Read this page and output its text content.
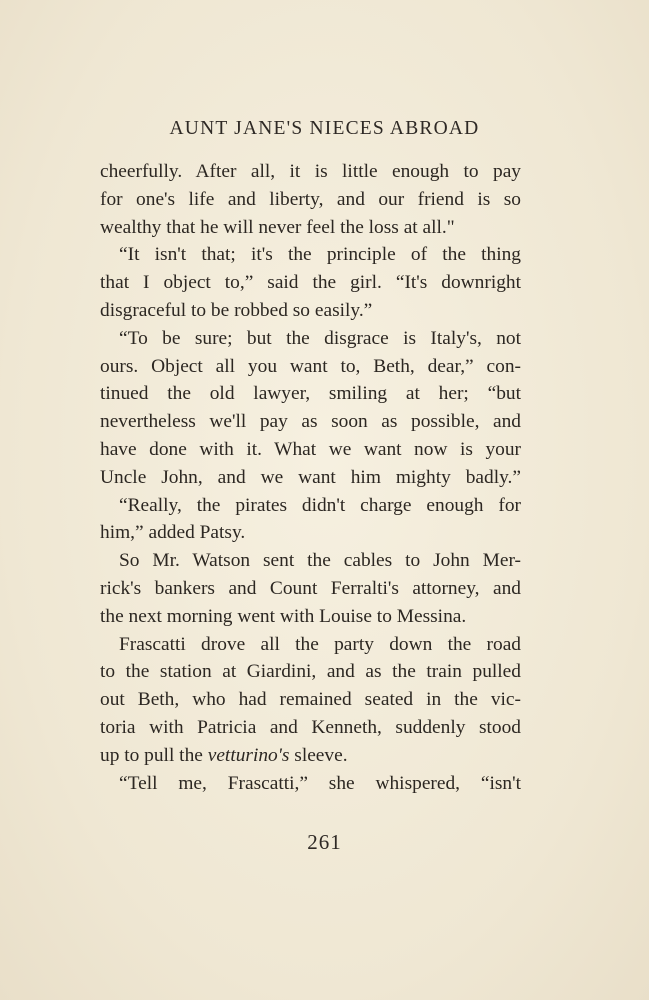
AUNT JANE'S NIECES ABROAD
cheerfully. After all, it is little enough to pay
for one's life and liberty, and our friend is so
wealthy that he will never feel the loss at all."
“It isn't that; it's the principle of the thing
that I object to,” said the girl. “It's downright
disgraceful to be robbed so easily.”
“To be sure; but the disgrace is Italy's, not
ours. Object all you want to, Beth, dear,” con-
tinued the old lawyer, smiling at her; “but
nevertheless we'll pay as soon as possible, and
have done with it. What we want now is your
Uncle John, and we want him mighty badly.”
“Really, the pirates didn't charge enough for
him,” added Patsy.
So Mr. Watson sent the cables to John Mer-
rick's bankers and Count Ferralti's attorney, and
the next morning went with Louise to Messina.
Frascatti drove all the party down the road
to the station at Giardini, and as the train pulled
out Beth, who had remained seated in the vic-
toria with Patricia and Kenneth, suddenly stood
up to pull the vetturino's sleeve.
“Tell me, Frascatti,” she whispered, “isn't
261
